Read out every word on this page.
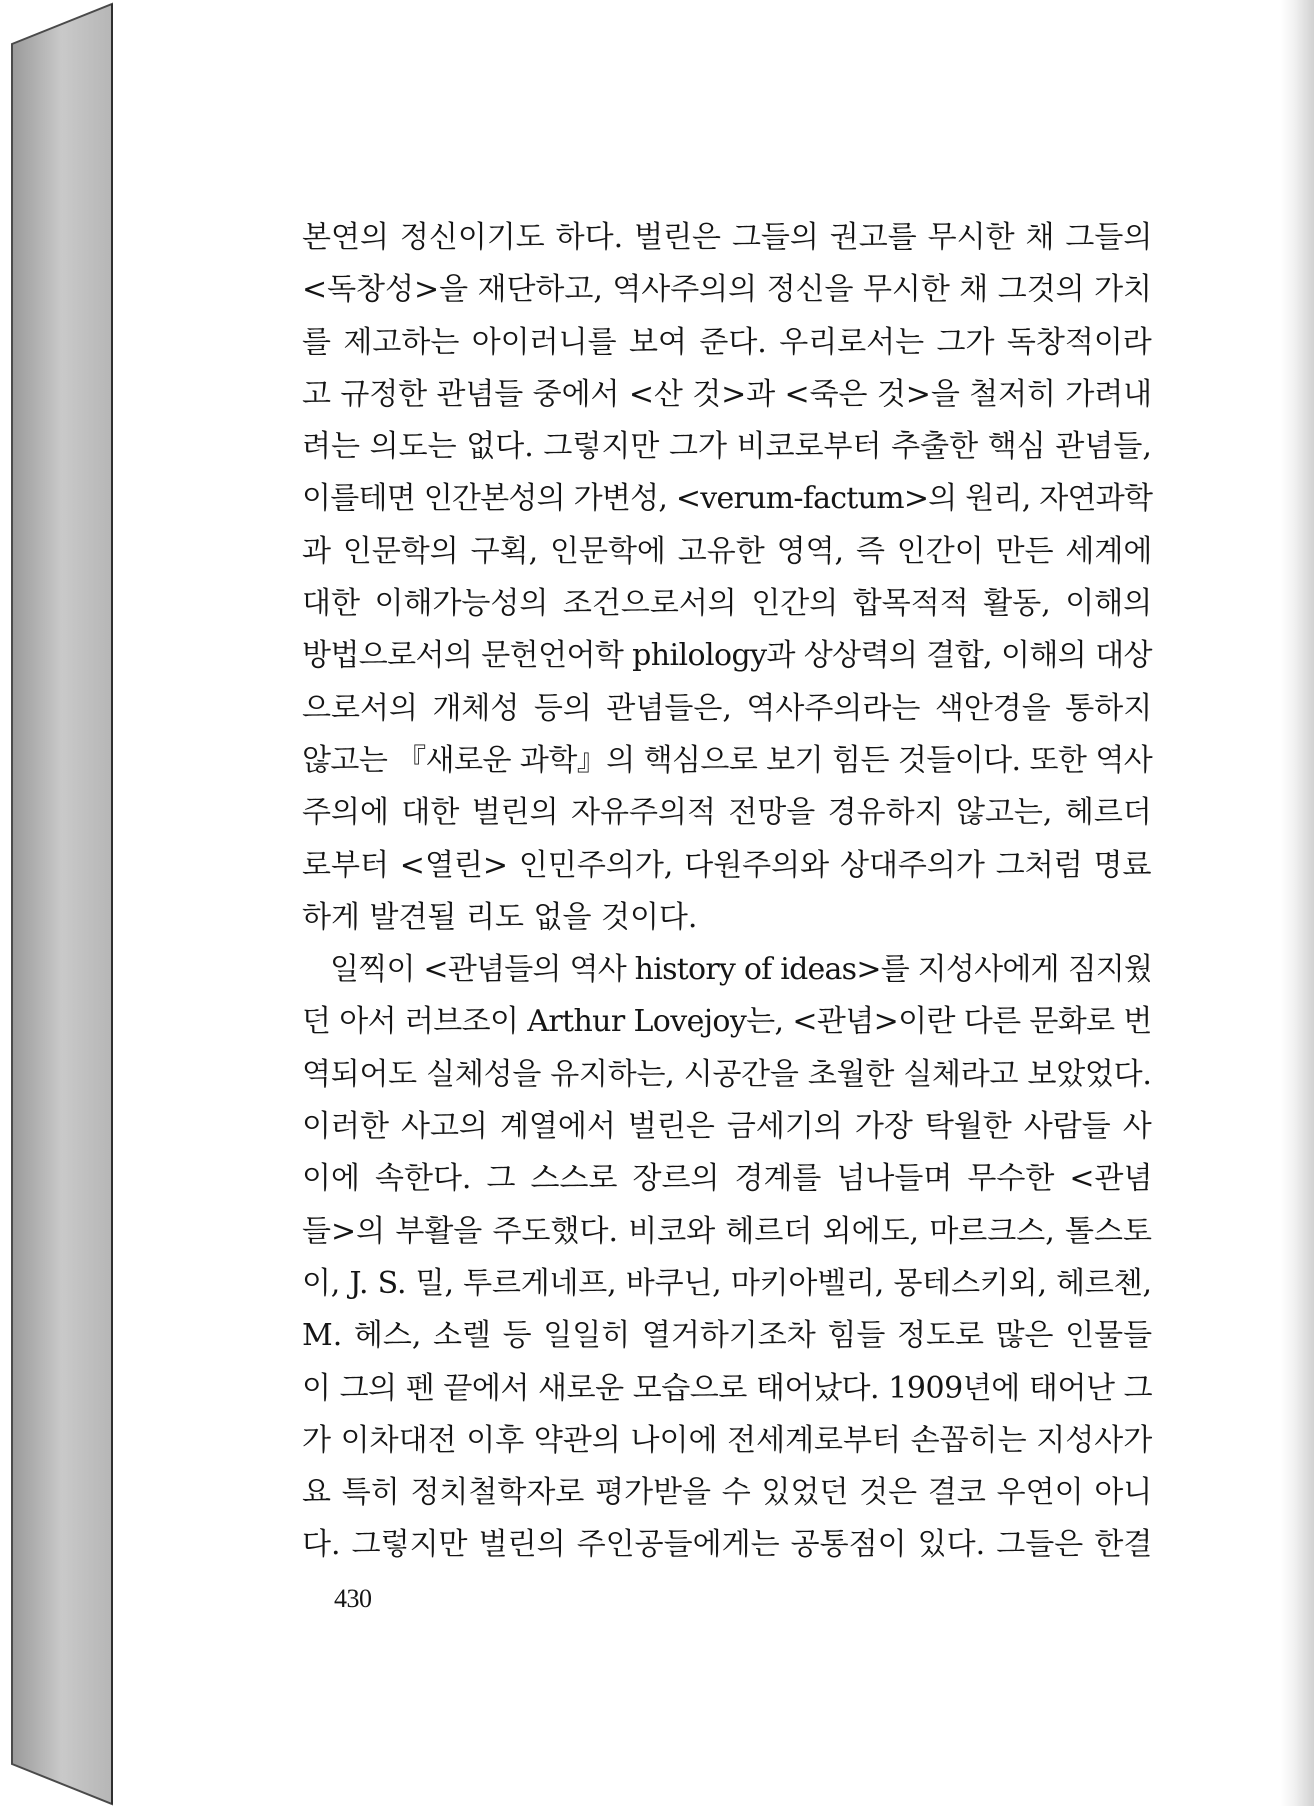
본연의 정신이기도 하다. 벌린은 그들의 권고를 무시한 채 그들의
<독창성>을 재단하고, 역사주의의 정신을 무시한 채 그것의 가치
를 제고하는 아이러니를 보여 준다. 우리로서는 그가 독창적이라
고 규정한 관념들 중에서 <산 것>과 <죽은 것>을 철저히 가려내
려는 의도는 없다. 그렇지만 그가 비코로부터 추출한 핵심 관념들,
이를테면 인간본성의 가변성, <verum-factum>의 원리, 자연과학
과 인문학의 구획, 인문학에 고유한 영역, 즉 인간이 만든 세계에
대한 이해가능성의 조건으로서의 인간의 합목적적 활동, 이해의
방법으로서의 문헌언어학 philology과 상상력의 결합, 이해의 대상
으로서의 개체성 등의 관념들은, 역사주의라는 색안경을 통하지
않고는 『새로운 과학』의 핵심으로 보기 힘든 것들이다. 또한 역사
주의에 대한 벌린의 자유주의적 전망을 경유하지 않고는, 헤르더
로부터 <열린> 인민주의가, 다원주의와 상대주의가 그처럼 명료
하게 발견될 리도 없을 것이다.
일찍이 <관념들의 역사 history of ideas>를 지성사에게 짐지웠
던 아서 러브조이 Arthur Lovejoy는, <관념>이란 다른 문화로 번
역되어도 실체성을 유지하는, 시공간을 초월한 실체라고 보았었다.
이러한 사고의 계열에서 벌린은 금세기의 가장 탁월한 사람들 사
이에 속한다. 그 스스로 장르의 경계를 넘나들며 무수한 <관념
들>의 부활을 주도했다. 비코와 헤르더 외에도, 마르크스, 톨스토
이, J. S. 밀, 투르게네프, 바쿠닌, 마키아벨리, 몽테스키외, 헤르첸,
M. 헤스, 소렐 등 일일히 열거하기조차 힘들 정도로 많은 인물들
이 그의 펜 끝에서 새로운 모습으로 태어났다. 1909년에 태어난 그
가 이차대전 이후 약관의 나이에 전세계로부터 손꼽히는 지성사가
요 특히 정치철학자로 평가받을 수 있었던 것은 결코 우연이 아니
다. 그렇지만 벌린의 주인공들에게는 공통점이 있다. 그들은 한결
430
